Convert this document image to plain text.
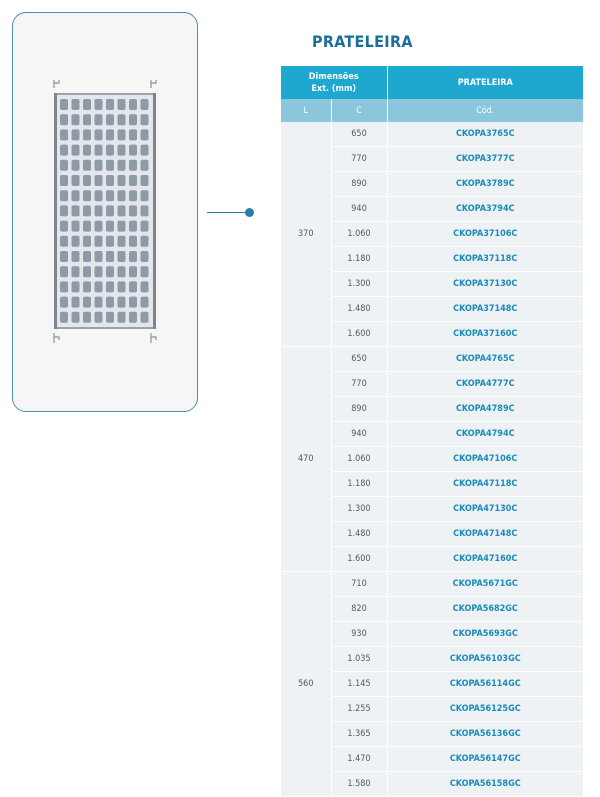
PRATELEIRA
Dimensões
Ext. (mm)		PRATELEIRA
L	C	Cód.
370	650	CKOPA3765C
	770	CKOPA3777C
	890	CKOPA3789C
	940	CKOPA3794C
	1.060	CKOPA37106C
	1.180	CKOPA37118C
	1.300	CKOPA37130C
	1.480	CKOPA37148C
	1.600	CKOPA37160C
470	650	CKOPA4765C
	770	CKOPA4777C
	890	CKOPA4789C
	940	CKOPA4794C
	1.060	CKOPA47106C
	1.180	CKOPA47118C
	1.300	CKOPA47130C
	1.480	CKOPA47148C
	1.600	CKOPA47160C
560	710	CKOPA5671GC
	820	CKOPA5682GC
	930	CKOPA5693GC
	1.035	CKOPA56103GC
	1.145	CKOPA56114GC
	1.255	CKOPA56125GC
	1.365	CKOPA56136GC
	1.470	CKOPA56147GC
	1.580	CKOPA56158GC
